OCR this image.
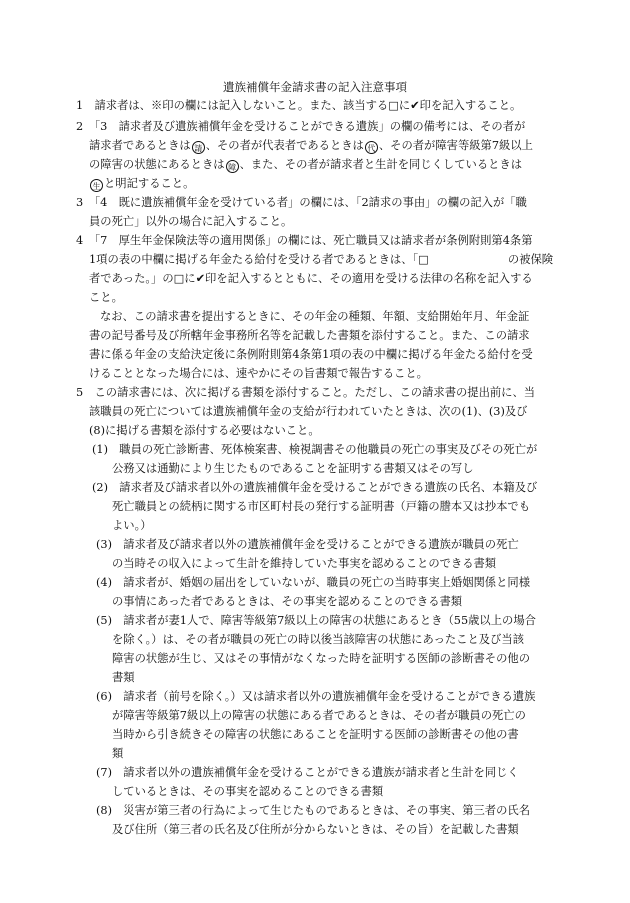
遺族補償年金請求書の記入注意事項
1　請求者は、※印の欄には記入しないこと。また、該当する□に✔印を記入すること。
2　「3　請求者及び遺族補償年金を受けることができる遺族」の欄の備考には、その者が
請求者であるときは 請 、その者が代表者であるときは 代 、その者が障害等級第7級以上
の障害の状態にあるときは 障 、また、その者が請求者と生計を同じくしているときは
生 と明記すること。
3　「4　既に遺族補償年金を受けている者」の欄には、「2請求の事由」の欄の記入が「職
員の死亡」以外の場合に記入すること。
4　「7　厚生年金保険法等の適用関係」の欄には、死亡職員又は請求者が条例附則第4条第
1項の表の中欄に掲げる年金たる給付を受ける者であるときは、「□　　　　　　　の被保険
者であった。」の□に✔印を記入するとともに、その適用を受ける法律の名称を記入する
こと。
なお、この請求書を提出するときに、その年金の種類、年額、支給開始年月、年金証
書の記号番号及び所轄年金事務所名等を記載した書類を添付すること。また、この請求
書に係る年金の支給決定後に条例附則第4条第1項の表の中欄に掲げる年金たる給付を受
けることとなった場合には、速やかにその旨書類で報告すること。
5　この請求書には、次に掲げる書類を添付すること。ただし、この請求書の提出前に、当
該職員の死亡については遺族補償年金の支給が行われていたときは、次の(1)、(3)及び
(8)に掲げる書類を添付する必要はないこと。
(1)　職員の死亡診断書、死体検案書、検視調書その他職員の死亡の事実及びその死亡が
公務又は通勤により生じたものであることを証明する書類又はその写し
(2)　請求者及び請求者以外の遺族補償年金を受けることができる遺族の氏名、本籍及び
死亡職員との続柄に関する市区町村長の発行する証明書（戸籍の謄本又は抄本でも
よい。）
(3)　請求者及び請求者以外の遺族補償年金を受けることができる遺族が職員の死亡
の当時その収入によって生計を維持していた事実を認めることのできる書類
(4)　請求者が、婚姻の届出をしていないが、職員の死亡の当時事実上婚姻関係と同様
の事情にあった者であるときは、その事実を認めることのできる書類
(5)　請求者が妻1人で、障害等級第7級以上の障害の状態にあるとき（55歳以上の場合
を除く。）は、その者が職員の死亡の時以後当該障害の状態にあったこと及び当該
障害の状態が生じ、又はその事情がなくなった時を証明する医師の診断書その他の
書類
(6)　請求者（前号を除く。）又は請求者以外の遺族補償年金を受けることができる遺族
が障害等級第7級以上の障害の状態にある者であるときは、その者が職員の死亡の
当時から引き続きその障害の状態にあることを証明する医師の診断書その他の書
類
(7)　請求者以外の遺族補償年金を受けることができる遺族が請求者と生計を同じく
しているときは、その事実を認めることのできる書類
(8)　災害が第三者の行為によって生じたものであるときは、その事実、第三者の氏名
及び住所（第三者の氏名及び住所が分からないときは、その旨）を記載した書類
